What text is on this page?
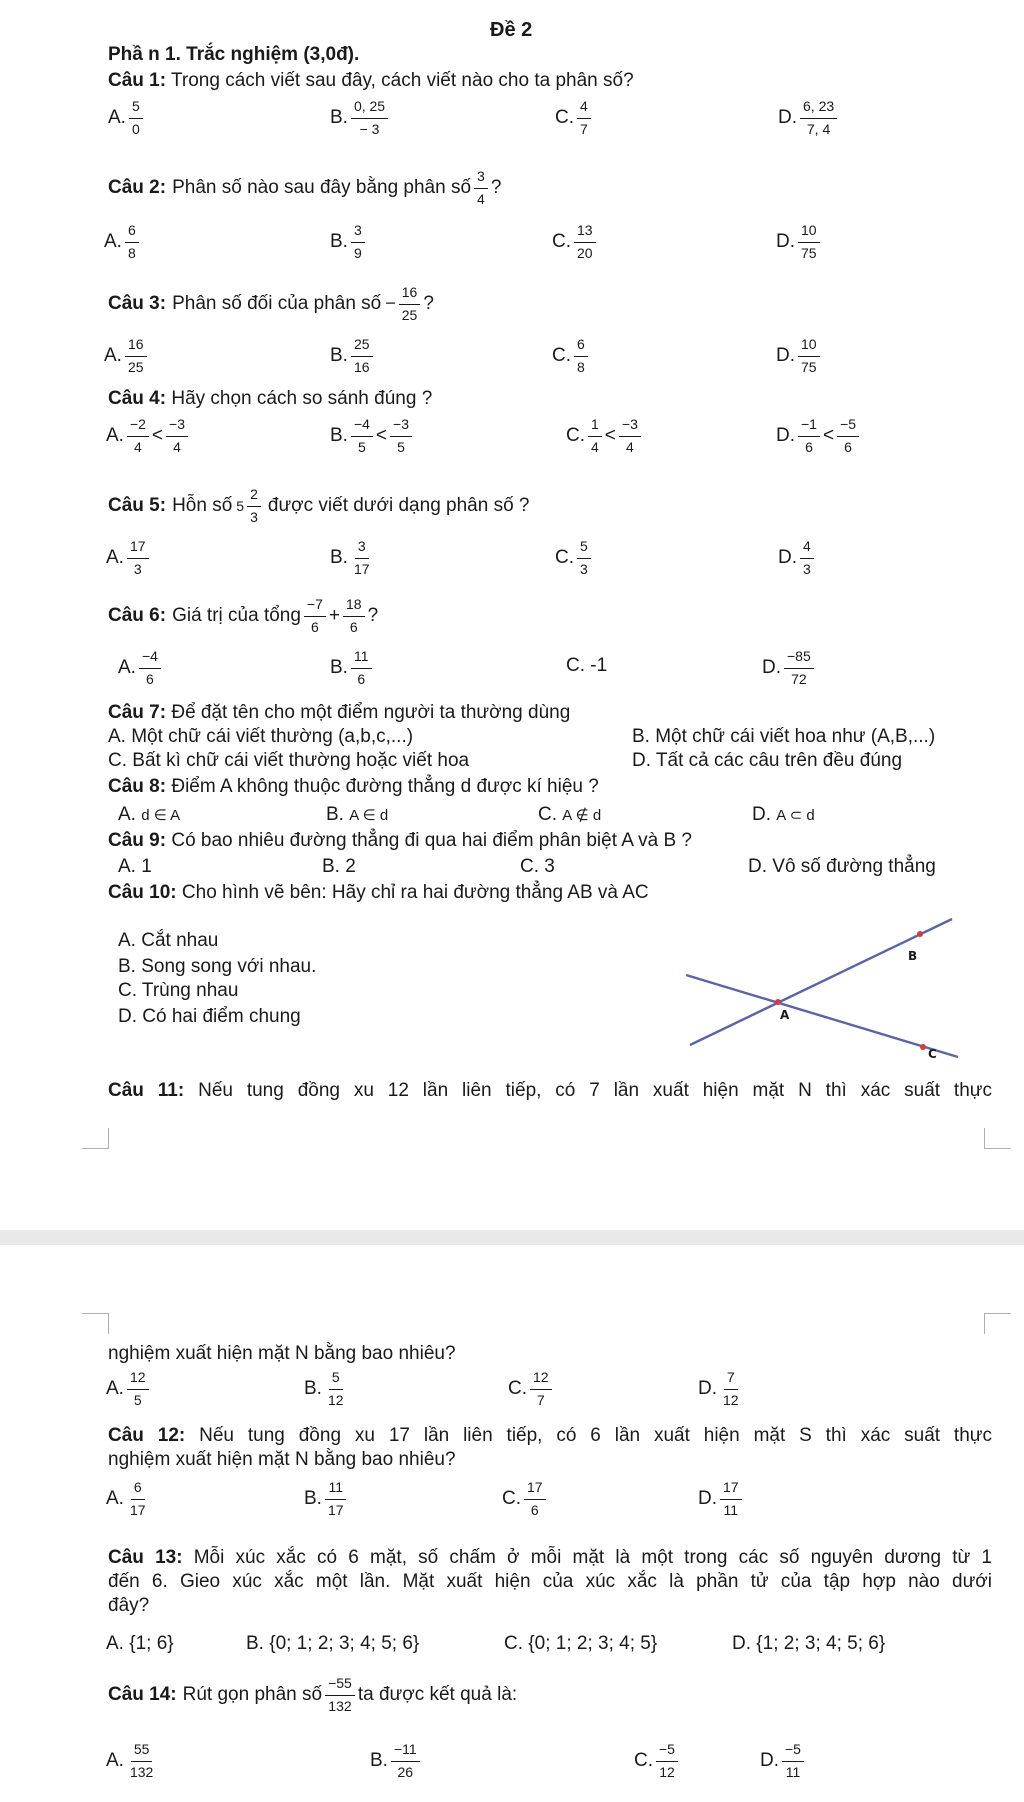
Đề 2
Phầ n 1. Trắc nghiệm (3,0đ).
Câu 1: Trong cách viết sau đây, cách viết nào cho ta phân số?
A. $\frac{5}{0}$	B. $\frac{0, 25}{- 3}$	C. $\frac{4}{7}$	D. $\frac{6, 23}{7, 4}$
Câu 2: Phân số nào sau đây bằng phân số $\frac{3}{4}$ ?
A. $\frac{6}{8}$	B. $\frac{3}{9}$	C. $\frac{13}{20}$	D. $\frac{10}{75}$
Câu 3: Phân số đối của phân số − $\frac{16}{25}$ ?
A. $\frac{16}{25}$	B. $\frac{25}{16}$	C. $\frac{6}{8}$	D. $\frac{10}{75}$
Câu 4: Hãy chọn cách so sánh đúng ?
A. $\frac{-2}{4} < \frac{-3}{4}$	B. $\frac{-4}{5} < \frac{-3}{5}$	C. $\frac{1}{4} < \frac{-3}{4}$	D. $\frac{-1}{6} < \frac{-5}{6}$
Câu 5: Hỗn số $5 \frac{2}{3}$ được viết dưới dạng phân số ?
A. $\frac{17}{3}$	B. $\frac{3}{17}$	C. $\frac{5}{3}$	D. $\frac{4}{3}$
Câu 6: Giá trị của tổng $\frac{-7}{6} + \frac{18}{6}$ ?
A. $\frac{-4}{6}$	B. $\frac{11}{6}$	C. -1	D. $\frac{-85}{72}$
Câu 7: Để đặt tên cho một điểm người ta thường dùng
A. Một chữ cái viết thường (a,b,c,...)	B. Một chữ cái viết hoa như (A,B,...)
C. Bất kì chữ cái viết thường hoặc viết hoa	D. Tất cả các câu trên đều đúng
Câu 8: Điểm A không thuộc đường thẳng d được kí hiệu ?
A. d ∈ A	B. A ∈ d	C. A ∉ d	D. A ⊂ d
Câu 9: Có bao nhiêu đường thẳng đi qua hai điểm phân biệt A và B ?
A. 1	B. 2	C. 3	D. Vô số đường thẳng
Câu 10: Cho hình vẽ bên: Hãy chỉ ra hai đường thẳng AB và AC
A. Cắt nhau
B. Song song với nhau.
C. Trùng nhau
D. Có hai điểm chung	A
B
C
Câu 11: Nếu tung đồng xu 12 lần liên tiếp, có 7 lần xuất hiện mặt N thì xác suất thực
nghiệm xuất hiện mặt N bằng bao nhiêu?
A. $\frac{12}{5}$	B. $\frac{5}{12}$	C. $\frac{12}{7}$	D. $\frac{7}{12}$
Câu 12: Nếu tung đồng xu 17 lần liên tiếp, có 6 lần xuất hiện mặt S thì xác suất thực
nghiệm xuất hiện mặt N bằng bao nhiêu?
A. $\frac{6}{17}$	B. $\frac{11}{17}$	C. $\frac{17}{6}$	D. $\frac{17}{11}$
Câu 13: Mỗi xúc xắc có 6 mặt, số chấm ở mỗi mặt là một trong các số nguyên dương từ 1
đến 6. Gieo xúc xắc một lần. Mặt xuất hiện của xúc xắc là phần tử của tập hợp nào dưới
đây?
A. {1; 6}	B. {0; 1; 2; 3; 4; 5; 6}	C. {0; 1; 2; 3; 4; 5}	D. {1; 2; 3; 4; 5; 6}
Câu 14: Rút gọn phân số $\frac{-55}{132}$ ta được kết quả là:
A. $\frac{55}{132}$	B. $\frac{-11}{26}$	C. $\frac{-5}{12}$	D. $\frac{-5}{11}$
